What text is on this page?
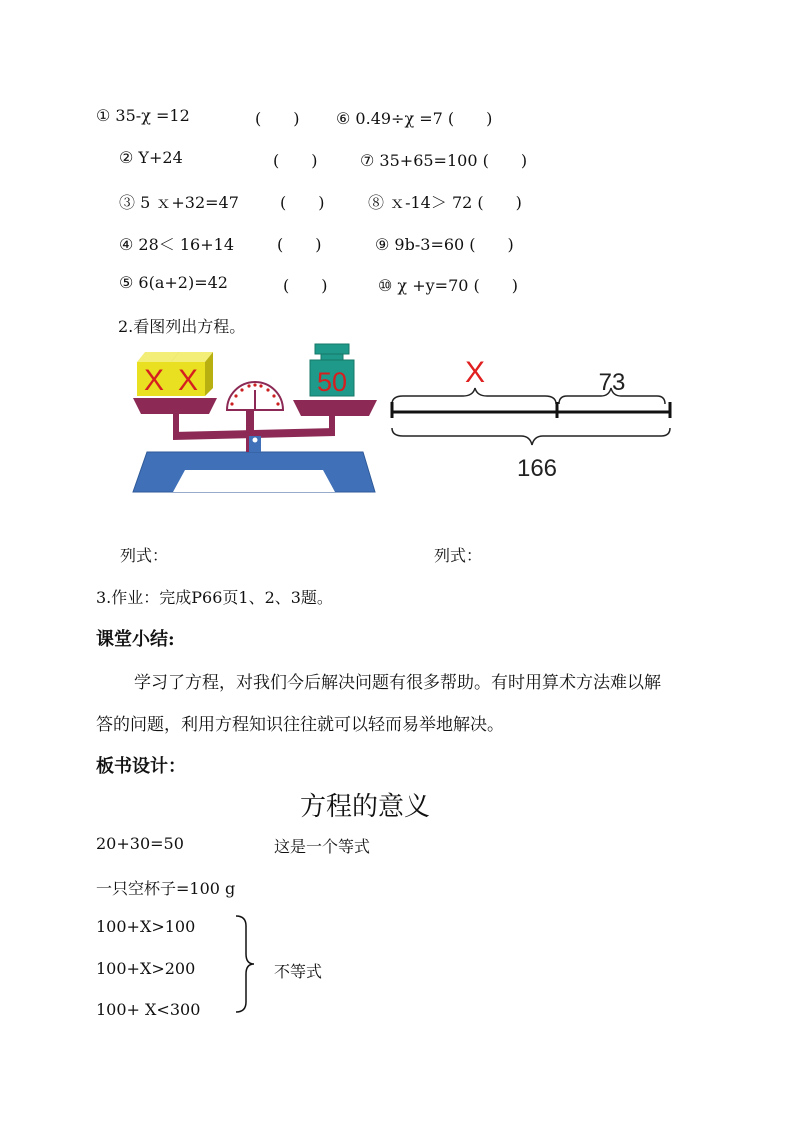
① 35-χ =12	(　　) ⑥ 0.49÷χ =7 (　　)
② Y+24	(　　)	⑦ 35+65=100 (　　)
③ 5 ｘ+32=47	(　　)	⑧ ｘ-14＞ 72 (　　)
④ 28＜ 16+14	(　　)	⑨ 9b-3=60 (　　)
⑤ 6(a+2)=42	(　　)	⑩ χ +y=70 (　　)
2.看图列出方程。
X X	50	X	73
166
列式：	列式：
3.作业：完成P66页1、2、3题。
课堂小结:
学习了方程，对我们今后解决问题有很多帮助。有时用算术方法难以解
答的问题，利用方程知识往往就可以轻而易举地解决。
板书设计：
方程的意义
20+30=50	这是一个等式
一只空杯子=100 g
100+X>100
100+X>200
100+ X<300
不等式
